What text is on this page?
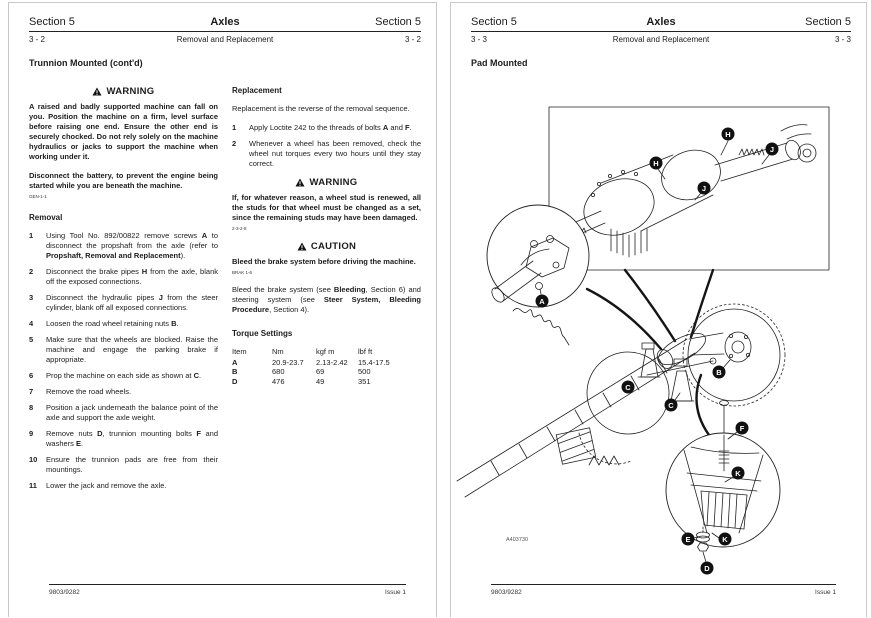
Section 5	Axles	Section 5
3 - 2	Removal and Replacement	3 - 2
Trunnion Mounted (cont'd)
WARNING

A raised and badly supported machine can fall on you. Position the machine on a firm, level surface before raising one end. Ensure the other end is securely chocked. Do not rely solely on the machine hydraulics or jacks to support the machine when working under it.

Disconnect the battery, to prevent the engine being started while you are beneath the machine.

GEN-1-1
Removal
1	Using Tool No. 892/00822 remove screws A to disconnect the propshaft from the axle (refer to Propshaft, Removal and Replacement).
2	Disconnect the brake pipes H from the axle, blank off the exposed connections.
3	Disconnect the hydraulic pipes J from the steer cylinder, blank off all exposed connections.
4	Loosen the road wheel retaining nuts B.
5	Make sure that the wheels are blocked. Raise the machine and engage the parking brake if appropriate.
6	Prop the machine on each side as shown at C.
7	Remove the road wheels.
8	Position a jack underneath the balance point of the axle and support the axle weight.
9	Remove nuts D, trunnion mounting bolts F and washers E.
10	Ensure the trunnion pads are free from their mountings.
11	Lower the jack and remove the axle.
Replacement

Replacement is the reverse of the removal sequence.

1	Apply Loctite 242 to the threads of bolts A and F.
2	Whenever a wheel has been removed, check the wheel nut torques every two hours until they stay correct.
WARNING

If, for whatever reason, a wheel stud is renewed, all the studs for that wheel must be changed as a set, since the remaining studs may have been damaged.

2-3-2-8
CAUTION

Bleed the brake system before driving the machine.

BRAK 1-6

Bleed the brake system (see Bleeding, Section 6) and steering system (see Steer System, Bleeding Procedure, Section 4).

Torque Settings
Item	Nm	kgf m	lbf ft
A	20.9-23.7	2.13-2.42	15.4-17.5
B	680	69	500
D	476	49	351
9803/9282	Issue 1
Section 5	Axles	Section 5
3 - 3	Removal and Replacement	3 - 3
Pad Mounted
H
H
J
J
A
C
C
B
F
K
K
E
D
A403730
9803/9282	Issue 1
